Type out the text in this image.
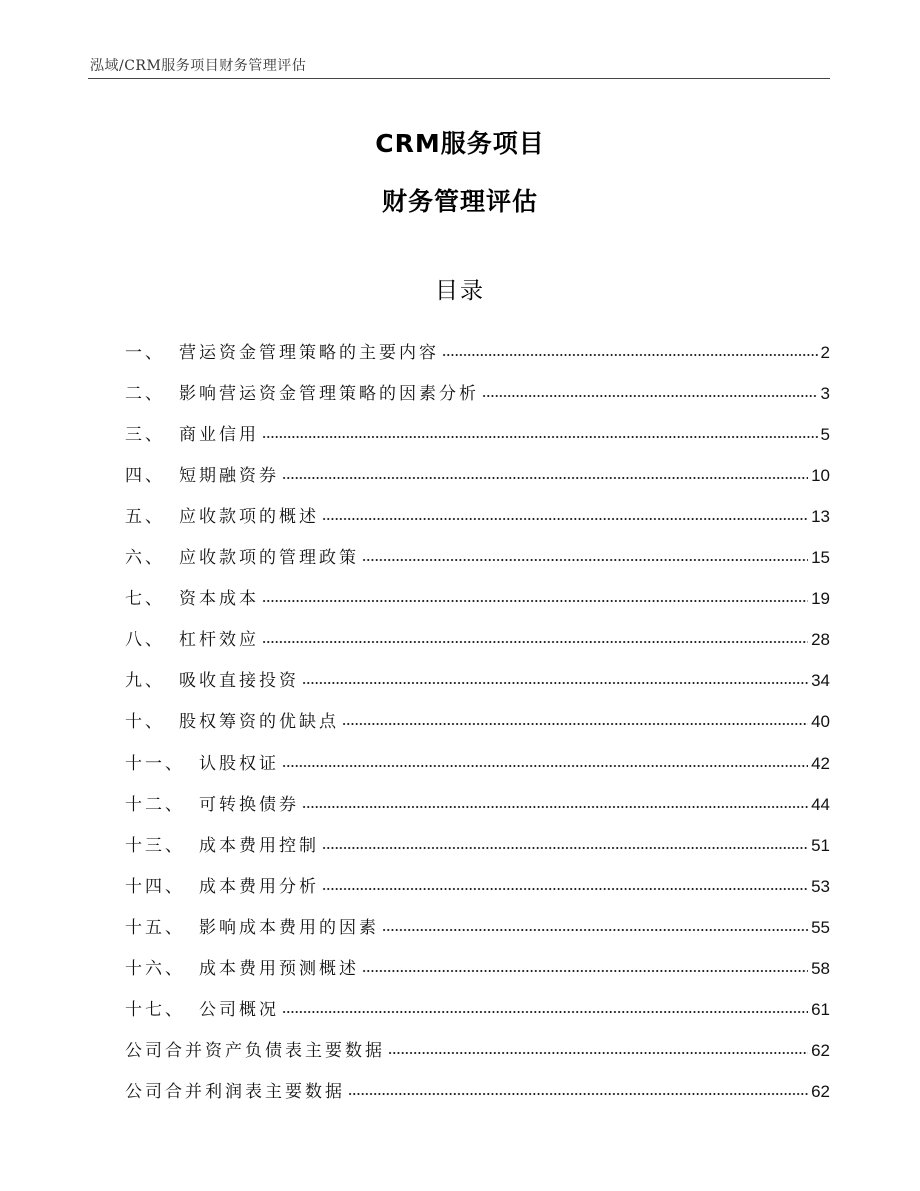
泓域/CRM服务项目财务管理评估
CRM服务项目
财务管理评估
目录
一、 营运资金管理策略的主要内容	2
二、 影响营运资金管理策略的因素分析	3
三、 商业信用	5
四、 短期融资券	10
五、 应收款项的概述	13
六、 应收款项的管理政策	15
七、 资本成本	19
八、 杠杆效应	28
九、 吸收直接投资	34
十、 股权筹资的优缺点	40
十一、 认股权证	42
十二、 可转换债券	44
十三、 成本费用控制	51
十四、 成本费用分析	53
十五、 影响成本费用的因素	55
十六、 成本费用预测概述	58
十七、 公司概况	61
公司合并资产负债表主要数据	62
公司合并利润表主要数据	62
